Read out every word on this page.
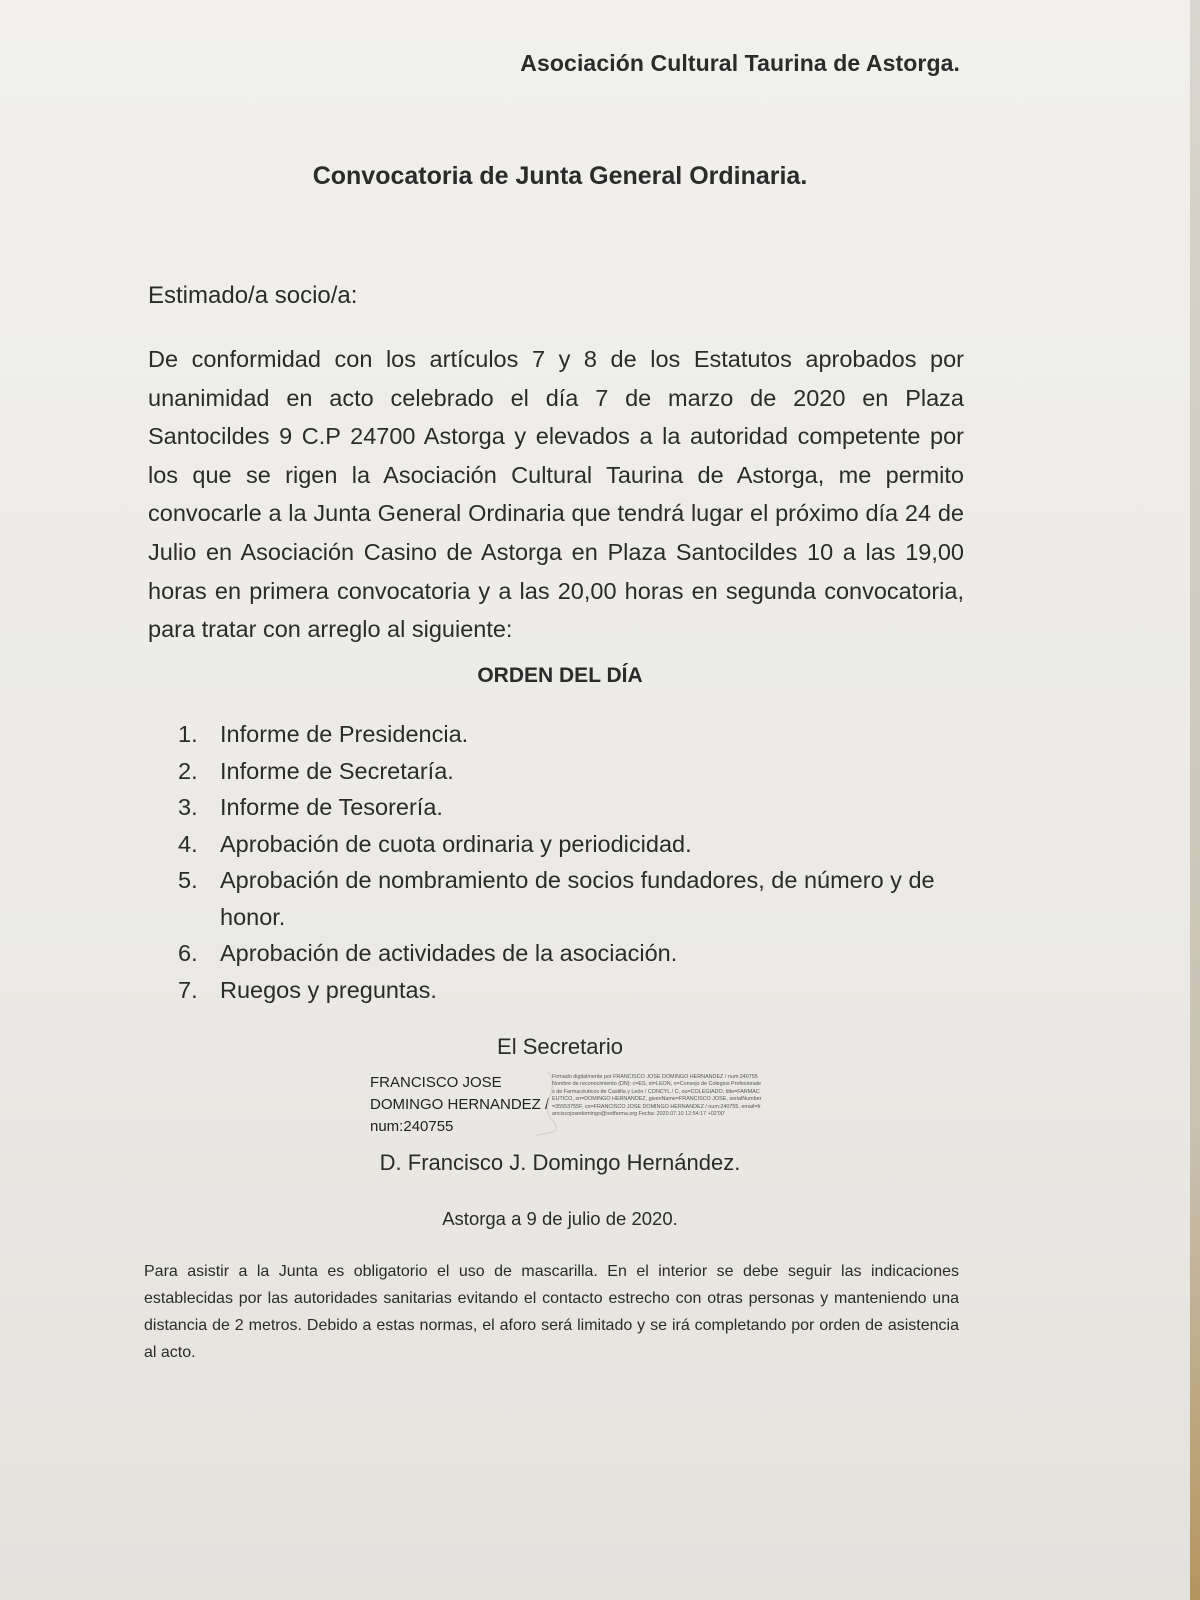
Asociación Cultural Taurina de Astorga.
Convocatoria de Junta General Ordinaria.
Estimado/a socio/a:
De conformidad con los artículos 7 y 8 de los Estatutos aprobados por unanimidad en acto celebrado el día 7 de marzo de 2020 en Plaza Santocildes 9 C.P 24700 Astorga y elevados a la autoridad competente por los que se rigen la Asociación Cultural Taurina de Astorga, me permito convocarle a la Junta General Ordinaria que tendrá lugar el próximo día 24 de Julio en Asociación Casino de Astorga en Plaza Santocildes 10 a las 19,00 horas en primera convocatoria y a las 20,00 horas en segunda convocatoria, para tratar con arreglo al siguiente:
ORDEN DEL DÍA
1. Informe de Presidencia.
2. Informe de Secretaría.
3. Informe de Tesorería.
4. Aprobación de cuota ordinaria y periodicidad.
5. Aprobación de nombramiento de socios fundadores, de número y de honor.
6. Aprobación de actividades de la asociación.
7. Ruegos y preguntas.
El Secretario
FRANCISCO JOSE
DOMINGO HERNANDEZ /
num:240755
Firmado digitalmente por FRANCISCO JOSE DOMINGO HERNANDEZ / num:240755 Nombre de reconocimiento (DN): c=ES, st=LEON, o=Consejo de Colegios Profesionales de Farmacéuticos de Castilla y León / CONCYL / C, ou=COLEGIADO, title=FARMACEUTICO, sn=DOMINGO HERNANDEZ, givenName=FRANCISCO JOSE, serialNumber=35553755F, cn=FRANCISCO JOSE DOMINGO HERNANDEZ / num:240755, email=franciscojosedomingo@redfarma.org Fecha: 2020.07.10 12:54:17 +02'00'
D. Francisco J. Domingo Hernández.
Astorga a 9 de julio de 2020.
Para asistir a la Junta es obligatorio el uso de mascarilla. En el interior se debe seguir las indicaciones establecidas por las autoridades sanitarias evitando el contacto estrecho con otras personas y manteniendo una distancia de 2 metros. Debido a estas normas, el aforo será limitado y se irá completando por orden de asistencia al acto.
